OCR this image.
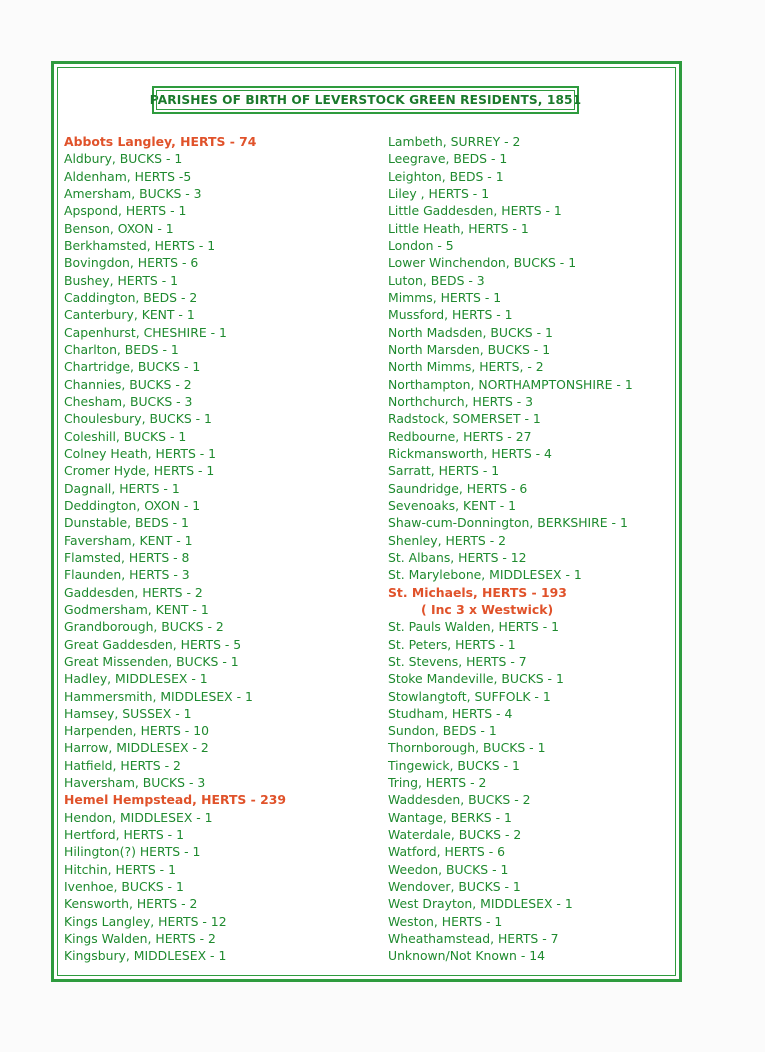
PARISHES OF BIRTH OF LEVERSTOCK GREEN RESIDENTS, 1851
Abbots Langley, HERTS - 74
Aldbury, BUCKS - 1
Aldenham, HERTS -5
Amersham, BUCKS - 3
Apspond, HERTS - 1
Benson, OXON - 1
Berkhamsted, HERTS - 1
Bovingdon, HERTS - 6
Bushey, HERTS - 1
Caddington, BEDS - 2
Canterbury, KENT - 1
Capenhurst, CHESHIRE - 1
Charlton, BEDS - 1
Chartridge, BUCKS - 1
Channies, BUCKS - 2
Chesham, BUCKS - 3
Choulesbury, BUCKS - 1
Coleshill, BUCKS - 1
Colney Heath, HERTS - 1
Cromer Hyde, HERTS - 1
Dagnall, HERTS - 1
Deddington, OXON - 1
Dunstable, BEDS - 1
Faversham, KENT - 1
Flamsted, HERTS - 8
Flaunden, HERTS - 3
Gaddesden, HERTS - 2
Godmersham, KENT - 1
Grandborough, BUCKS - 2
Great Gaddesden, HERTS - 5
Great Missenden, BUCKS - 1
Hadley, MIDDLESEX - 1
Hammersmith, MIDDLESEX - 1
Hamsey, SUSSEX - 1
Harpenden, HERTS - 10
Harrow, MIDDLESEX - 2
Hatfield, HERTS - 2
Haversham, BUCKS - 3
Hemel Hempstead, HERTS - 239
Hendon, MIDDLESEX - 1
Hertford, HERTS - 1
Hilington(?) HERTS - 1
Hitchin, HERTS - 1
Ivenhoe, BUCKS - 1
Kensworth, HERTS - 2
Kings Langley, HERTS - 12
Kings Walden, HERTS - 2
Kingsbury, MIDDLESEX - 1
Lambeth, SURREY - 2
Leegrave, BEDS - 1
Leighton, BEDS - 1
Liley , HERTS - 1
Little Gaddesden, HERTS - 1
Little Heath, HERTS - 1
London - 5
Lower Winchendon, BUCKS - 1
Luton, BEDS - 3
Mimms, HERTS - 1
Mussford, HERTS - 1
North Madsden, BUCKS - 1
North Marsden, BUCKS - 1
North Mimms, HERTS, - 2
Northampton, NORTHAMPTONSHIRE - 1
Northchurch, HERTS - 3
Radstock, SOMERSET - 1
Redbourne, HERTS - 27
Rickmansworth, HERTS - 4
Sarratt, HERTS - 1
Saundridge, HERTS - 6
Sevenoaks, KENT - 1
Shaw-cum-Donnington, BERKSHIRE - 1
Shenley, HERTS - 2
St. Albans, HERTS - 12
St. Marylebone, MIDDLESEX - 1
St. Michaels, HERTS - 193
( Inc 3 x Westwick)
St. Pauls Walden, HERTS - 1
St. Peters, HERTS - 1
St. Stevens, HERTS - 7
Stoke Mandeville, BUCKS - 1
Stowlangtoft, SUFFOLK - 1
Studham, HERTS - 4
Sundon, BEDS - 1
Thornborough, BUCKS - 1
Tingewick, BUCKS - 1
Tring, HERTS - 2
Waddesden, BUCKS - 2
Wantage, BERKS - 1
Waterdale, BUCKS - 2
Watford, HERTS - 6
Weedon, BUCKS - 1
Wendover, BUCKS - 1
West Drayton, MIDDLESEX - 1
Weston, HERTS - 1
Wheathamstead, HERTS - 7
Unknown/Not Known - 14
